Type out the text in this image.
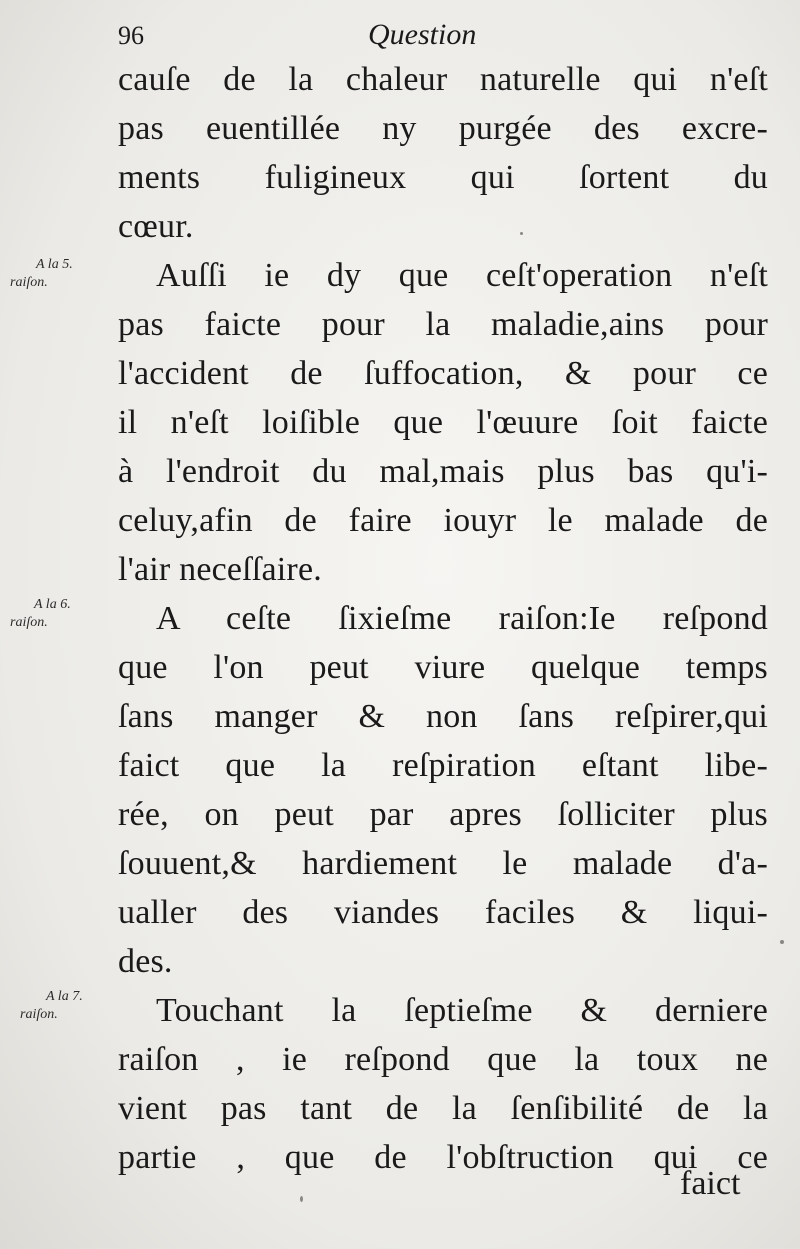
96	Question
A la 5.
raiſon.
A la 6.
raiſon.
A la 7.
raiſon.
cauſe de la chaleur naturelle qui n'eſt
pas euentillée ny purgée des excre-
ments fuligineux qui ſortent du
cœur.
Auſſi ie dy que ceſt'operation n'eſt
pas faicte pour la maladie,ains pour
l'accident de ſuffocation, & pour ce
il n'eſt loiſible que l'œuure ſoit faicte
à l'endroit du mal,mais plus bas qu'i-
celuy,afin de faire iouyr le malade de
l'air neceſſaire.
A ceſte ſixieſme raiſon:Ie reſpond
que l'on peut viure quelque temps
ſans manger & non ſans reſpirer,qui
faict que la reſpiration eſtant libe-
rée, on peut par apres ſolliciter plus
ſouuent,& hardiement le malade d'a-
ualler des viandes faciles & liqui-
des.
Touchant la ſeptieſme & derniere
raiſon , ie reſpond que la toux ne
vient pas tant de la ſenſibilité de la
partie , que de l'obſtruction qui ce
faict
